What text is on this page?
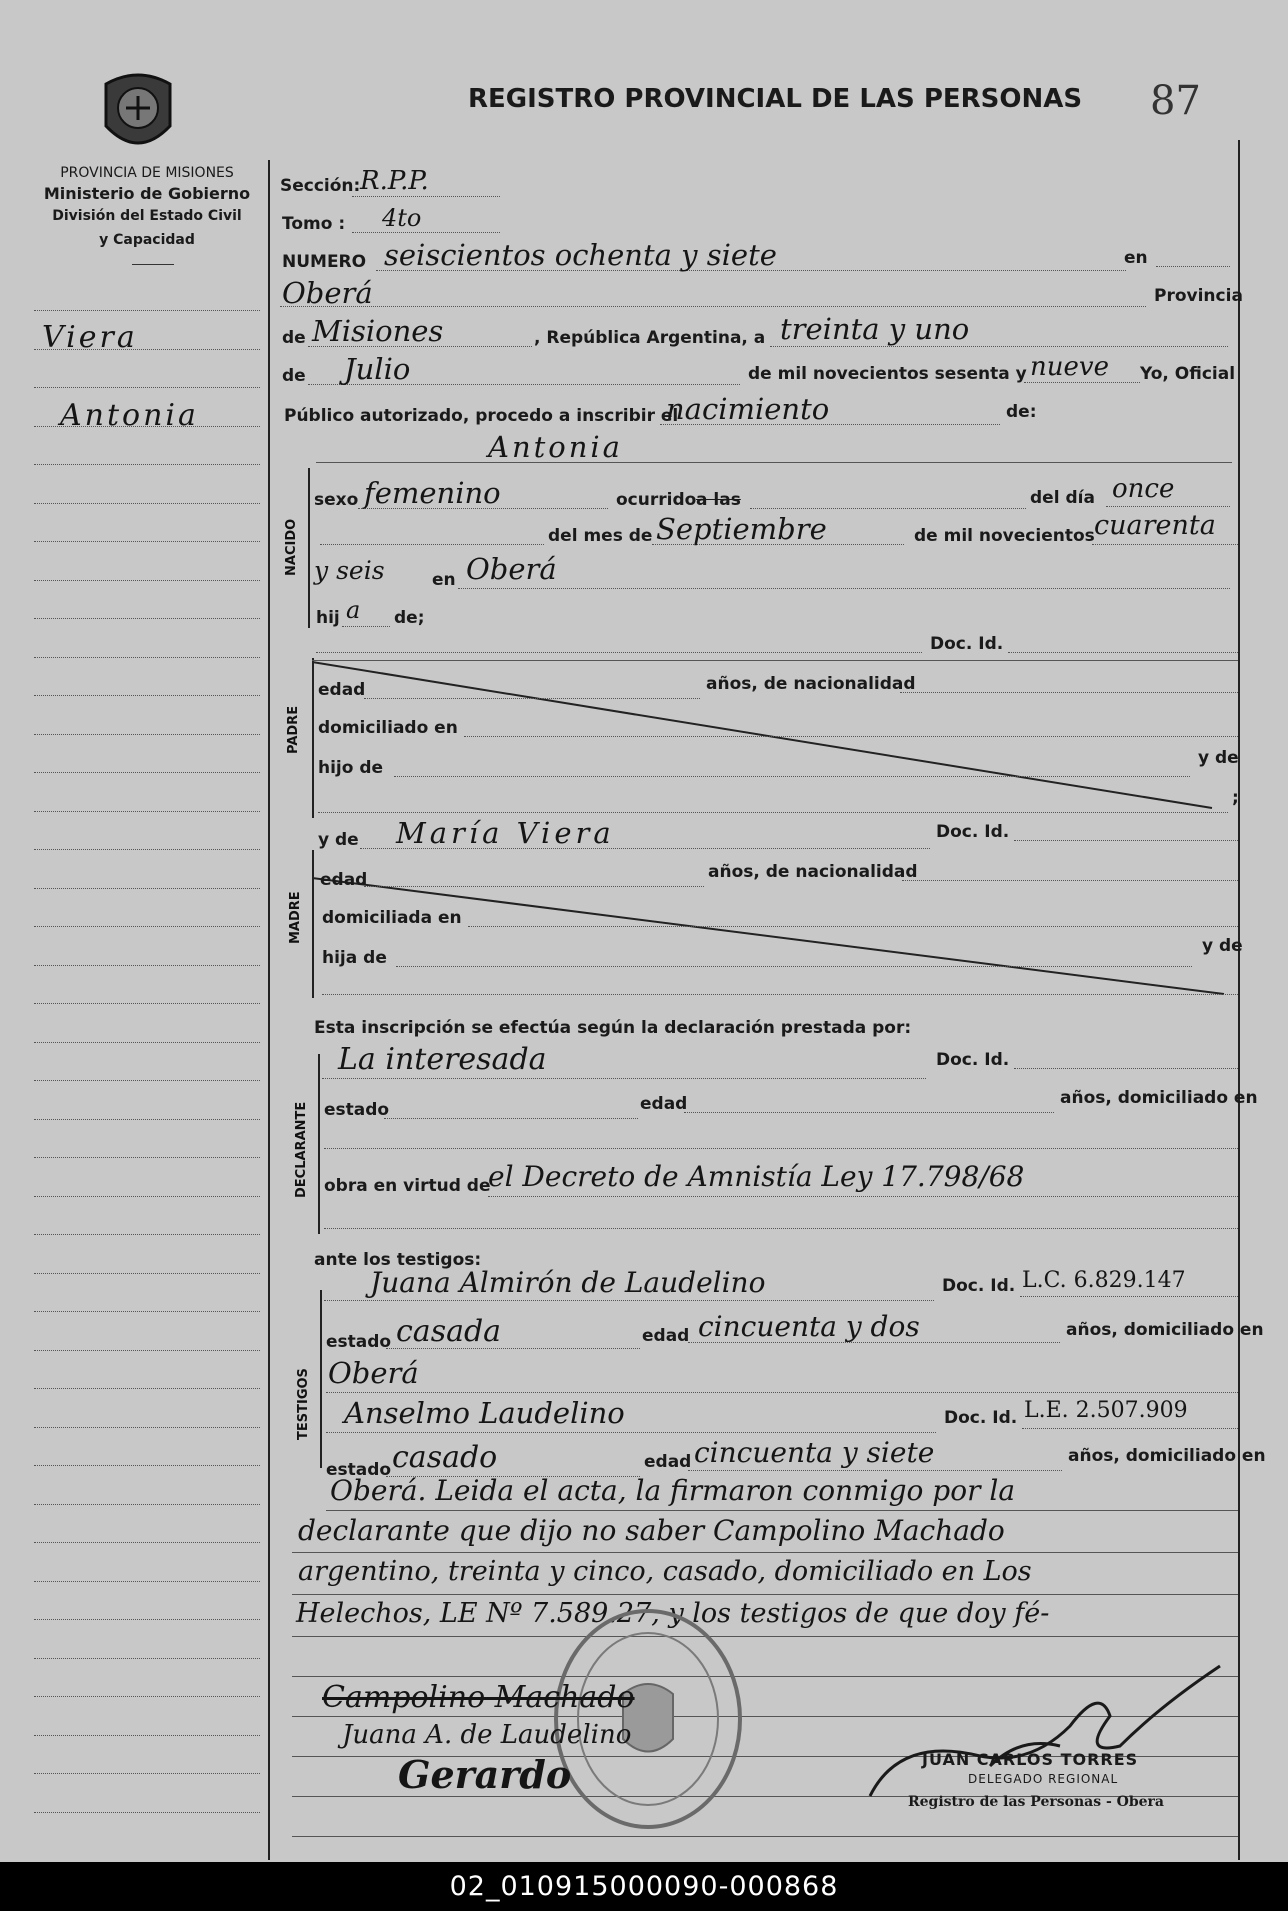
PROVINCIA DE MISIONES
Ministerio de Gobierno
División del Estado Civil
y Capacidad
REGISTRO PROVINCIAL DE LAS PERSONAS 87
Viera
Antonia
Sección: R.P.P.
Tomo : 4to
NUMERO seiscientos ochenta y siete	en
Oberá	Provincia
de Misiones	, República Argentina, a treinta y uno
de Julio	de mil novecientos sesenta y nueve Yo, Oficial
Público autorizado, procedo a inscribir el
nacimiento	de:
Antonia
NACIDO
sexo femenino	ocurrido a las	del día once
del mes de Septiembre	de mil novecientos cuarenta
y seis	en Oberá
hij a de;
Doc. Id.
PADRE
edad	años, de nacionalidad
domiciliado en
hijo de	y de
;
y de María Viera	Doc. Id.
MADRE
edad	años, de nacionalidad
domiciliada en
hija de
y de
Esta inscripción se efectúa según la declaración prestada por:
DECLARANTE
La interesada	Doc. Id.
estado	edad	años, domiciliado en
obra en virtud de
el Decreto de Amnistía Ley 17.798/68
ante los testigos:
TESTIGOS
Juana Almirón de Laudelino	Doc. Id. L.C. 6.829.147
estado casada	edad cincuenta y dos	años, domiciliado en
Oberá
Anselmo Laudelino	Doc. Id. L.E. 2.507.909
estado casado	edad cincuenta y siete	años, domiciliado en
Oberá. Leida el acta, la firmaron conmigo por la
declarante que dijo no saber Campolino Machado
argentino, treinta y cinco, casado, domiciliado en Los
Helechos, LE Nº 7.589.27, y los testigos de que doy fé-
Campolino Machado
Juana A. de Laudelino
Gerardo	JUAN CARLOS TORRES
DELEGADO REGIONAL
Registro de las Personas - Obera
02_010915000090-000868
